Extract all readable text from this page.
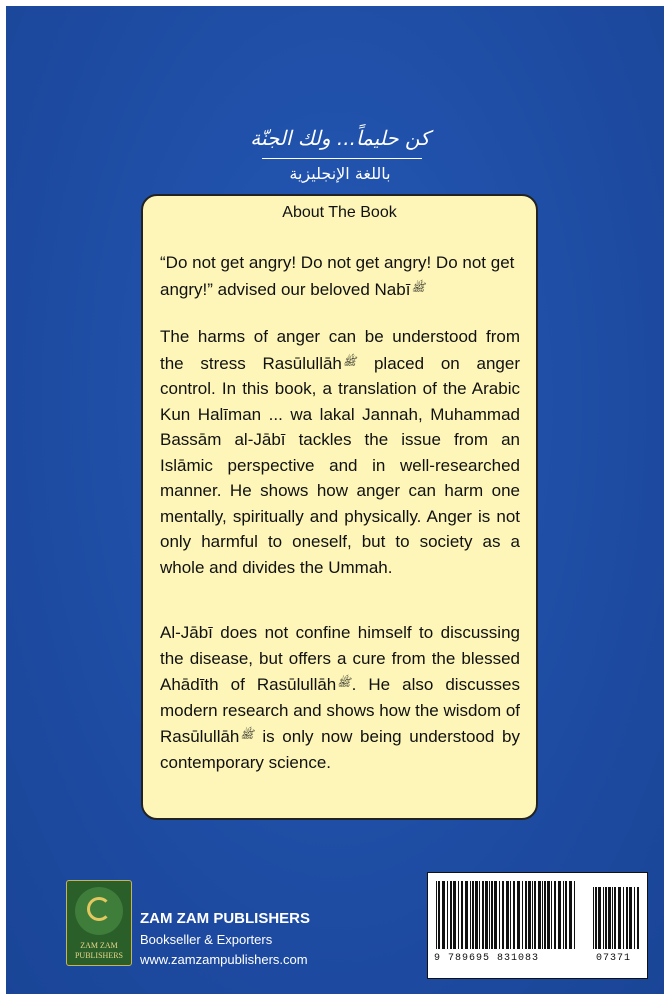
كن حليماً... ولك الجنّة
باللغة الإنجليزية
About The Book
“Do not get angry! Do not get angry! Do not get angry!” advised our beloved Nabī$^ﷺ$
The harms of anger can be understood from the stress Rasūlullāh$^ﷺ$ placed on anger control. In this book, a translation of the Arabic Kun Halīman ... wa lakal Jannah, Muhammad Bassām al-Jābī tackles the issue from an Islāmic perspective and in well-researched manner. He shows how anger can harm one mentally, spiritually and physically. Anger is not only harmful to oneself, but to society as a whole and divides the Ummah.
Al-Jābī does not confine himself to discussing the disease, but offers a cure from the blessed Ahādīth of Rasūlullāh$^ﷺ$. He also discusses modern research and shows how the wisdom of Rasūlullāh$^ﷺ$ is only now being understood by contemporary science.
ZAM ZAM
PUBLISHERS
ZAM ZAM PUBLISHERS
Bookseller & Exporters
www.zamzampublishers.com	9 789695 831083	07371
